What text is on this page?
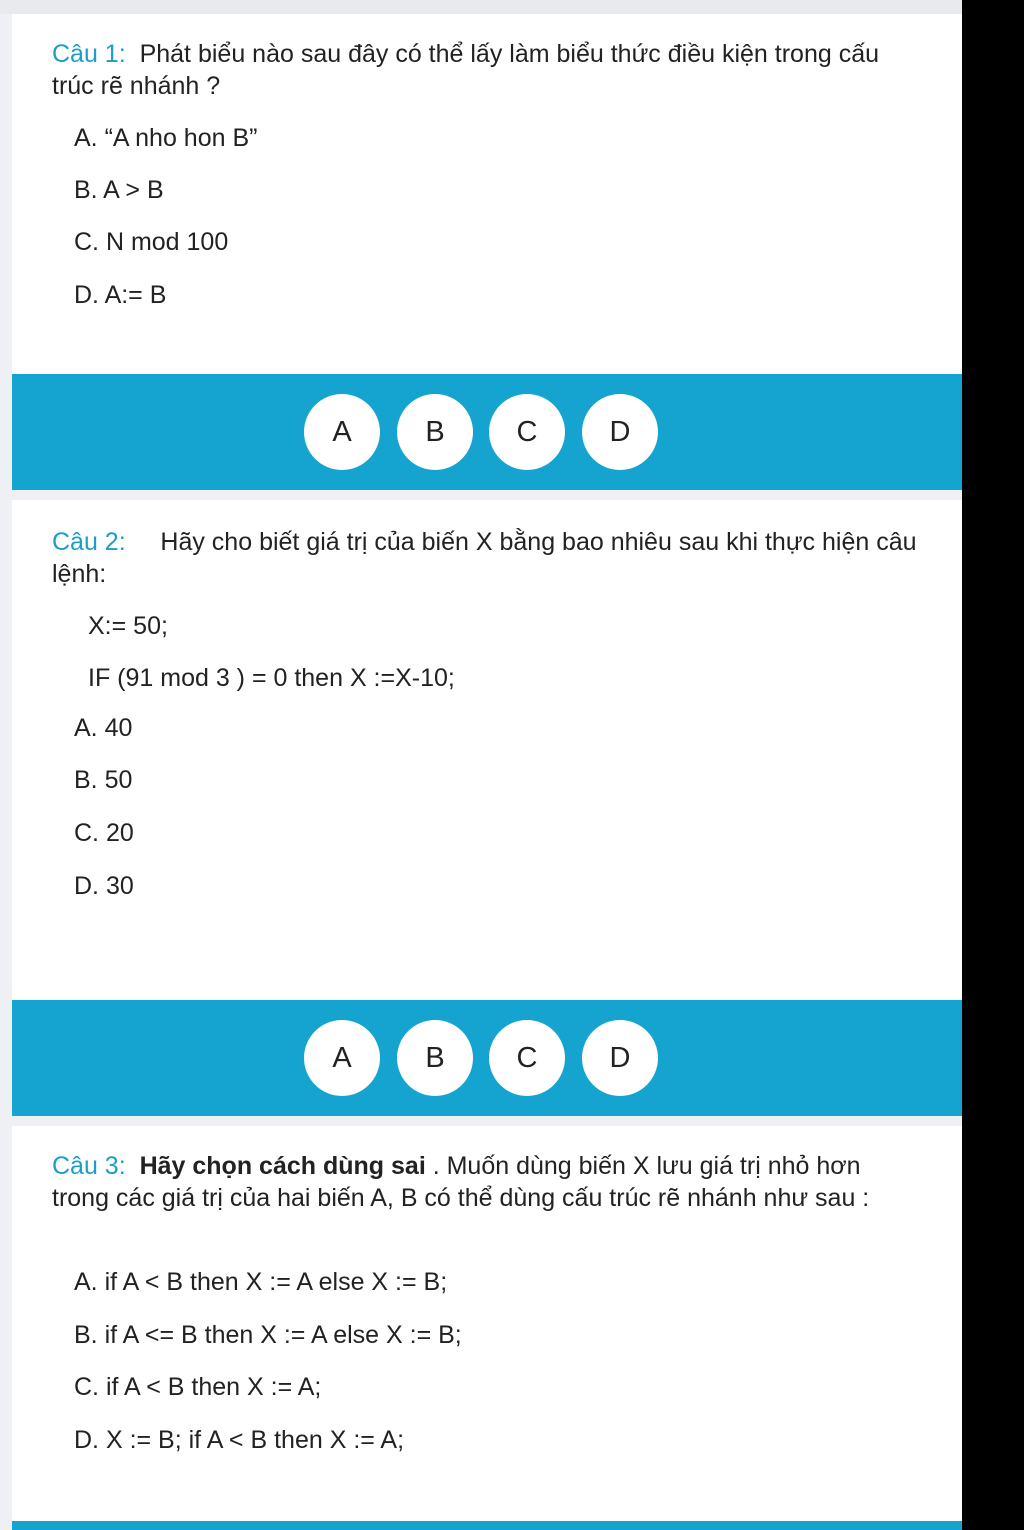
Câu 1: Phát biểu nào sau đây có thể lấy làm biểu thức điều kiện trong cấu trúc rẽ nhánh ?
A. “A nho hon B”
B. A > B
C. N mod 100
D. A:= B
A	B	C	D
Câu 2: Hãy cho biết giá trị của biến X bằng bao nhiêu sau khi thực hiện câu lệnh:
X:= 50;
IF (91 mod 3 ) = 0 then X :=X-10;
A. 40
B. 50
C. 20
D. 30
A	B	C	D
Câu 3: Hãy chọn cách dùng sai . Muốn dùng biến X lưu giá trị nhỏ hơn trong các giá trị của hai biến A, B có thể dùng cấu trúc rẽ nhánh như sau :
A. if A < B then X := A else X := B;
B. if A <= B then X := A else X := B;
C. if A < B then X := A;
D. X := B; if A < B then X := A;
